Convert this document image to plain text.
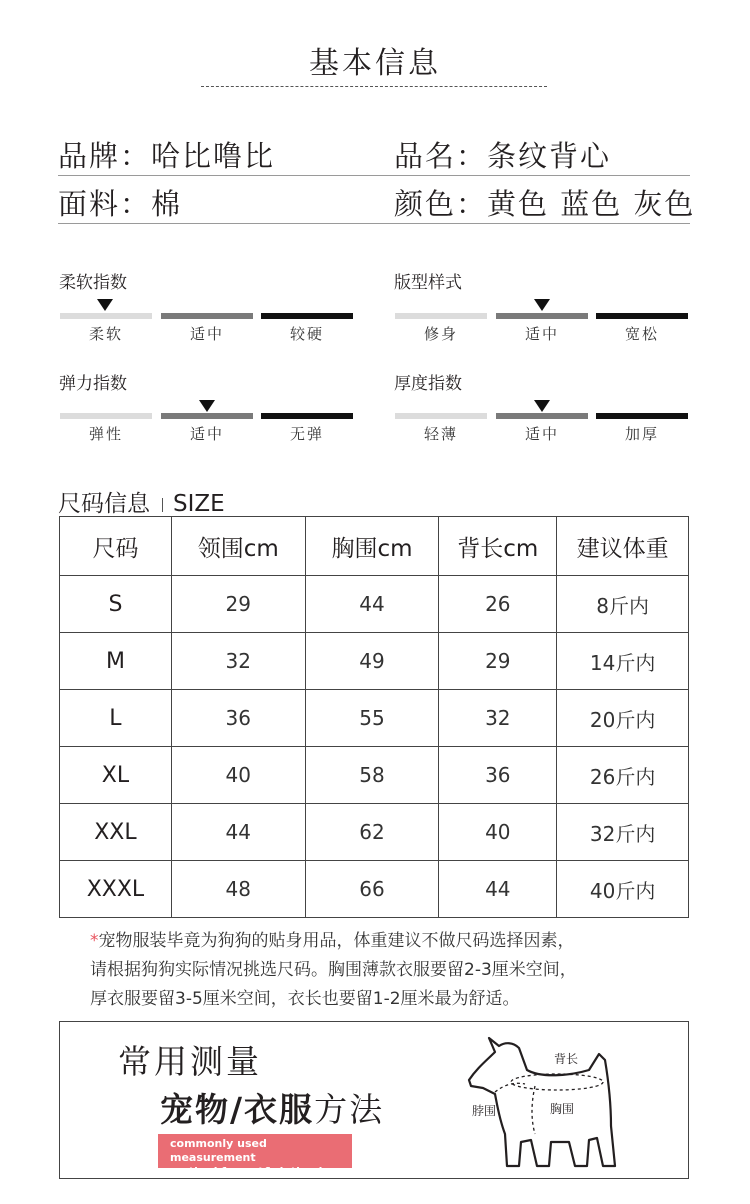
基本信息
品牌：哈比噜比	品名：条纹背心
面料：棉	颜色：黄色 蓝色 灰色
柔软指数
柔软	适中	较硬
版型样式
修身	适中	宽松
弹力指数
弹性	适中	无弹
厚度指数
轻薄	适中	加厚
尺码信息 SIZE
尺码	领围cm	胸围cm	背长cm	建议体重
S	29	44	26	8斤内
M	32	49	29	14斤内
L	36	55	32	20斤内
XL	40	58	36	26斤内
XXL	44	62	40	32斤内
XXXL	48	66	44	40斤内
*宠物服装毕竟为狗狗的贴身用品，体重建议不做尺码选择因素，
请根据狗狗实际情况挑选尺码。胸围薄款衣服要留2-3厘米空间，
厚衣服要留3-5厘米空间，衣长也要留1-2厘米最为舒适。
常用测量
宠物/衣服方法
commonly used measurement
method for pet&clothes!
背长
脖围	胸围
